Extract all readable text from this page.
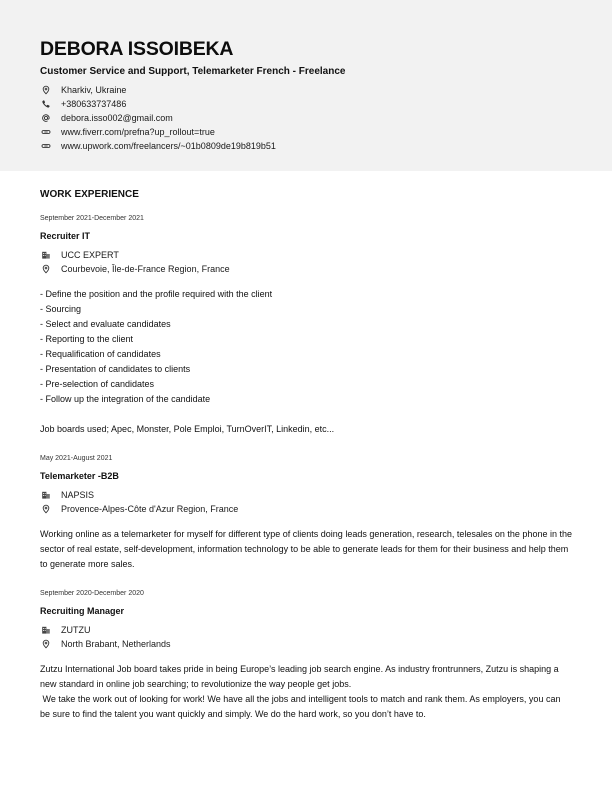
DEBORA ISSOIBEKA
Customer Service and Support, Telemarketer French - Freelance
Kharkiv, Ukraine
+380633737486
debora.isso002@gmail.com
www.fiverr.com/prefna?up_rollout=true
www.upwork.com/freelancers/~01b0809de19b819b51
WORK EXPERIENCE
September 2021-December 2021
Recruiter IT
UCC EXPERT
Courbevoie, Île-de-France Region, France
- Define the position and the profile required with the client
- Sourcing
- Select and evaluate candidates
- Reporting to the client
- Requalification of candidates
- Presentation of candidates to clients
- Pre-selection of candidates
- Follow up the integration of the candidate
Job boards used; Apec, Monster, Pole Emploi, TurnOverIT, Linkedin, etc...
May 2021-August 2021
Telemarketer -B2B
NAPSIS
Provence-Alpes-Côte d'Azur Region, France
Working online as a telemarketer for myself for different type of clients doing leads generation, research, telesales on the phone in the sector of real estate, self-development, information technology to be able to generate leads for them for their business and help them to generate more sales.
September 2020-December 2020
Recruiting Manager
ZUTZU
North Brabant, Netherlands
Zutzu International Job board takes pride in being Europe’s leading job search engine. As industry frontrunners, Zutzu is shaping a new standard in online job searching; to revolutionize the way people get jobs.
We take the work out of looking for work! We have all the jobs and intelligent tools to match and rank them. As employers, you can be sure to find the talent you want quickly and simply. We do the hard work, so you don’t have to.
